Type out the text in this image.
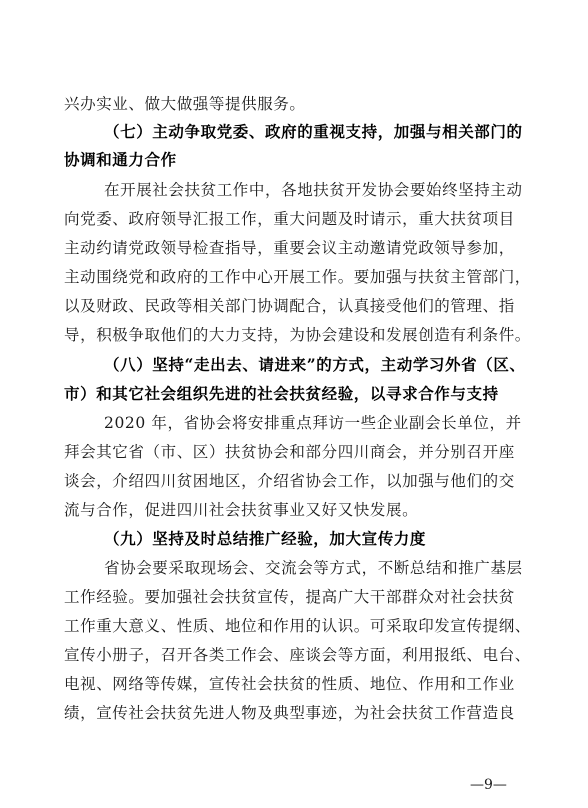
兴办实业、做大做强等提供服务。
（七）主动争取党委、政府的重视支持，加强与相关部门的
协调和通力合作
在开展社会扶贫工作中，各地扶贫开发协会要始终坚持主动
向党委、政府领导汇报工作，重大问题及时请示，重大扶贫项目
主动约请党政领导检查指导，重要会议主动邀请党政领导参加，
主动围绕党和政府的工作中心开展工作。要加强与扶贫主管部门，
以及财政、民政等相关部门协调配合，认真接受他们的管理、指
导，积极争取他们的大力支持，为协会建设和发展创造有利条件。
（八）坚持“走出去、请进来”的方式，主动学习外省（区、
市）和其它社会组织先进的社会扶贫经验，以寻求合作与支持
2020 年，省协会将安排重点拜访一些企业副会长单位，并
拜会其它省（市、区）扶贫协会和部分四川商会，并分别召开座
谈会，介绍四川贫困地区，介绍省协会工作，以加强与他们的交
流与合作，促进四川社会扶贫事业又好又快发展。
（九）坚持及时总结推广经验，加大宣传力度
省协会要采取现场会、交流会等方式，不断总结和推广基层
工作经验。要加强社会扶贫宣传，提高广大干部群众对社会扶贫
工作重大意义、性质、地位和作用的认识。可采取印发宣传提纲、
宣传小册子，召开各类工作会、座谈会等方面，利用报纸、电台、
电视、网络等传媒，宣传社会扶贫的性质、地位、作用和工作业
绩，宣传社会扶贫先进人物及典型事迹，为社会扶贫工作营造良
—9—
